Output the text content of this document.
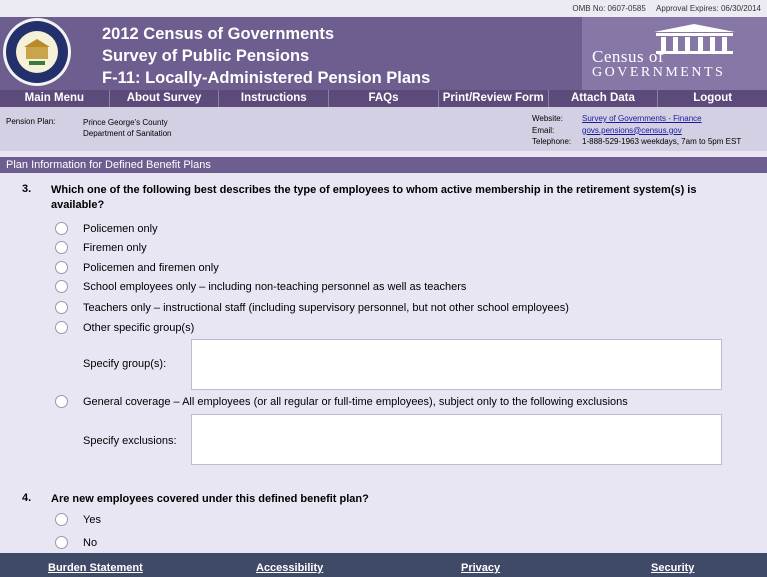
OMB No: 0607-0585 Approval Expires: 06/30/2014
2012 Census of Governments
Survey of Public Pensions
F-11: Locally-Administered Pension Plans
Census of
GOVERNMENTS
Main Menu	About Survey	Instructions	FAQs	Print/Review Form	Attach Data	Logout
Pension Plan:	Prince George's County
Department of Sanitation
Website: Survey of Governments - Finance
Email:	govs.pensions@census.gov
Telephone: 1-888-529-1963 weekdays, 7am to 5pm EST
Plan Information for Defined Benefit Plans
3. Which one of the following best describes the type of employees to whom active membership in the retirement system(s) is available?
Policemen only
Firemen only
Policemen and firemen only
School employees only – including non-teaching personnel as well as teachers
Teachers only – instructional staff (including supervisory personnel, but not other school employees)
Other specific group(s)
Specify group(s):
General coverage – All employees (or all regular or full-time employees), subject only to the following exclusions
Specify exclusions:
4. Are new employees covered under this defined benefit plan?
Yes
No
Burden Statement	Accessibility	Privacy	Security
